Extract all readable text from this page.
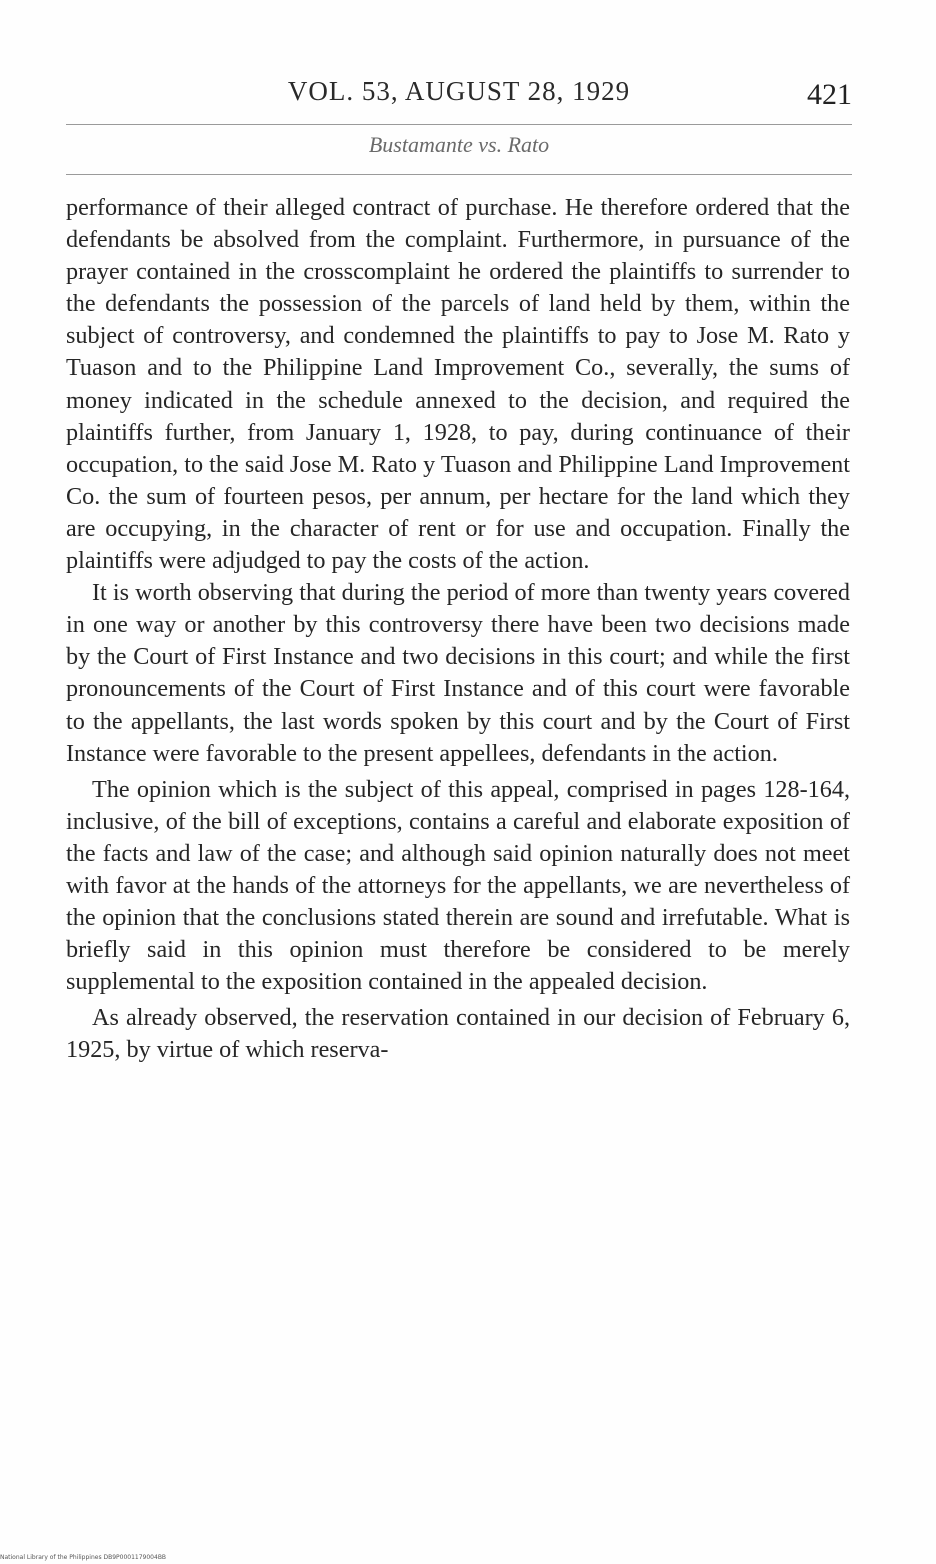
VOL. 53, AUGUST 28, 1929	421
Bustamante vs. Rato

performance of their alleged contract of purchase. He therefore ordered that the defendants be absolved from the complaint. Furthermore, in pursuance of the prayer contained in the crosscomplaint he ordered the plaintiffs to surrender to the defendants the possession of the parcels of land held by them, within the subject of controversy, and condemned the plaintiffs to pay to Jose M. Rato y Tuason and to the Philippine Land Improvement Co., severally, the sums of money indicated in the schedule annexed to the decision, and required the plaintiffs further, from January 1, 1928, to pay, during continuance of their occupation, to the said Jose M. Rato y Tuason and Philippine Land Improvement Co. the sum of fourteen pesos, per annum, per hectare for the land which they are occupying, in the character of rent or for use and occupation. Finally the plaintiffs were adjudged to pay the costs of the action.

It is worth observing that during the period of more than twenty years covered in one way or another by this controversy there have been two decisions made by the Court of First Instance and two decisions in this court; and while the first pronouncements of the Court of First Instance and of this court were favorable to the appellants, the last words spoken by this court and by the Court of First Instance were favorable to the present appellees, defendants in the action.

The opinion which is the subject of this appeal, comprised in pages 128-164, inclusive, of the bill of exceptions, contains a careful and elaborate exposition of the facts and law of the case; and although said opinion naturally does not meet with favor at the hands of the attorneys for the appellants, we are nevertheless of the opinion that the conclusions stated therein are sound and irrefutable. What is briefly said in this opinion must therefore be considered to be merely supplemental to the exposition contained in the appealed decision.

As already observed, the reservation contained in our decision of February 6, 1925, by virtue of which reserva-

National Library of the Philippines DB9P0001179004BB
